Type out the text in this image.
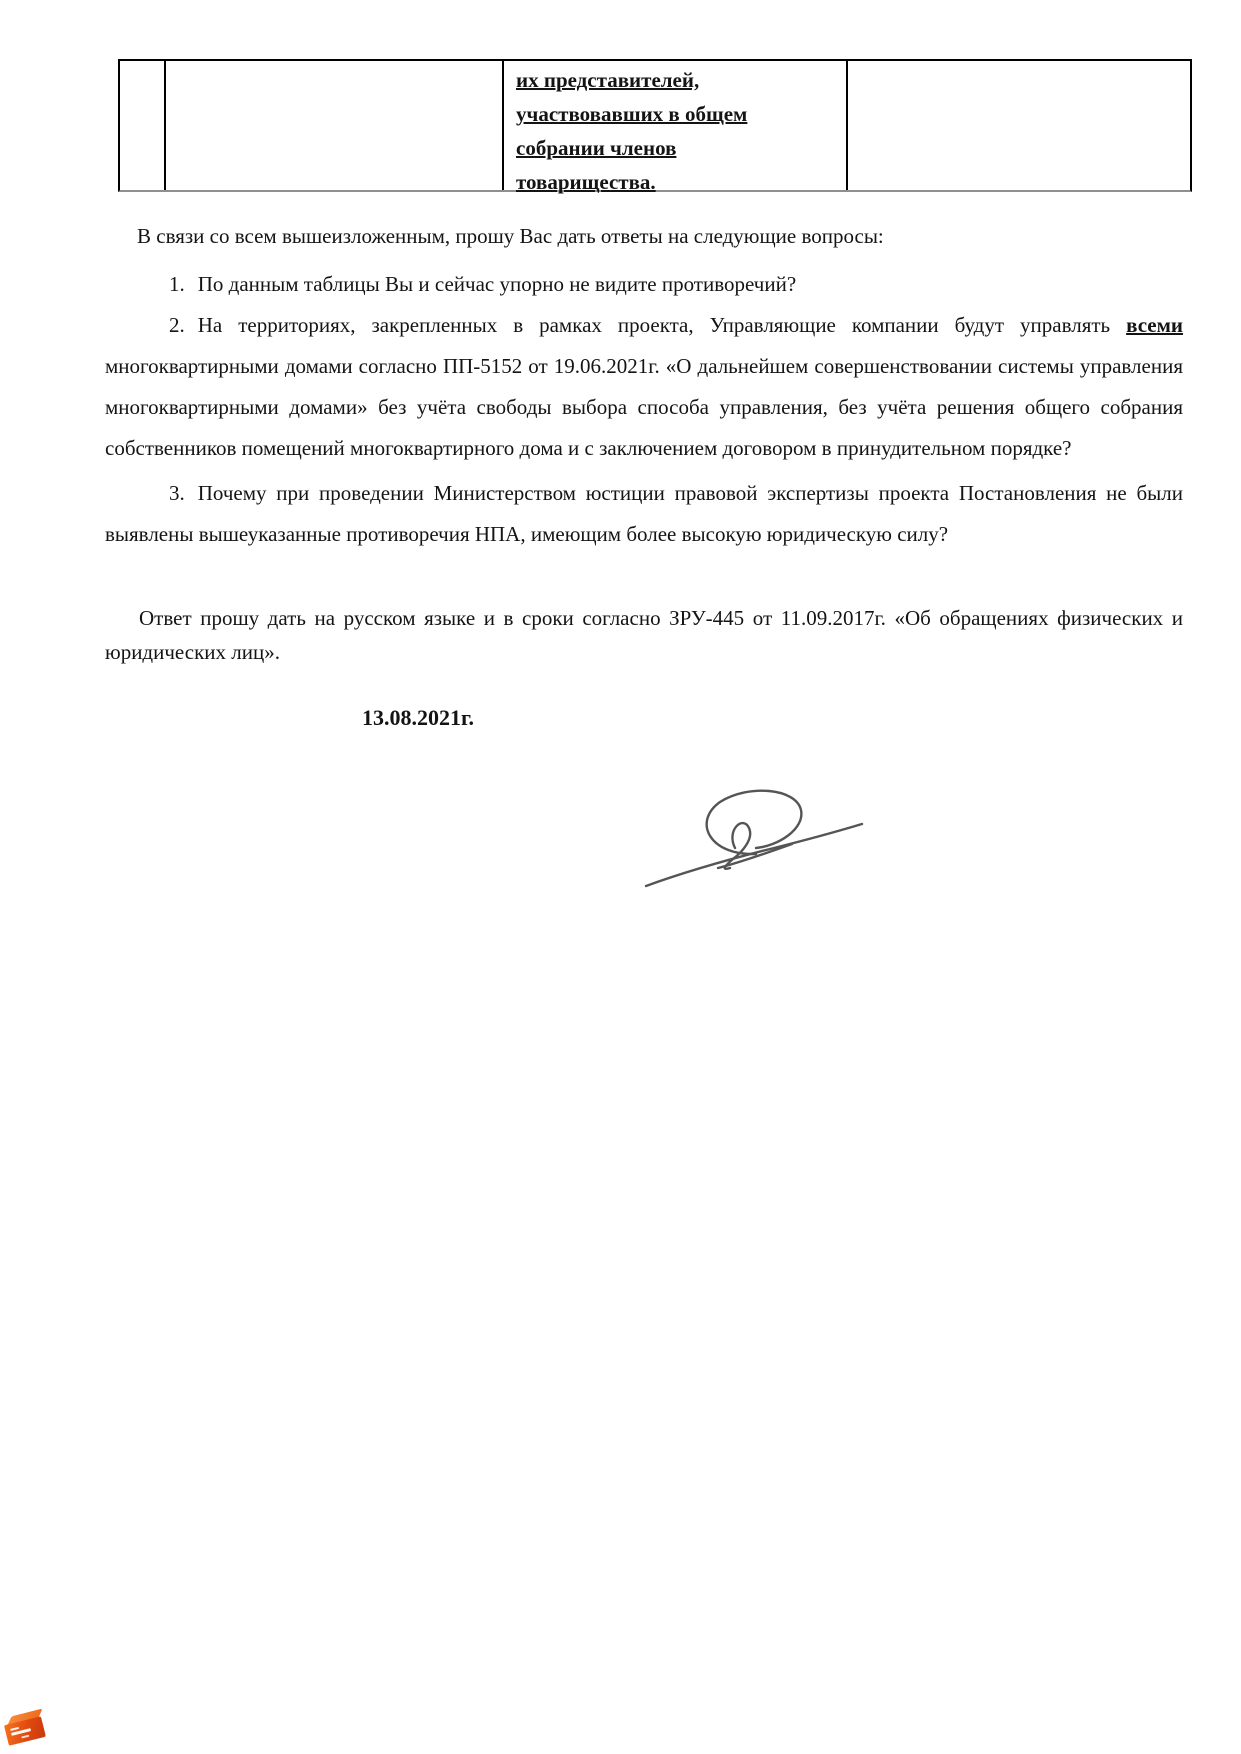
их представителей,
участвовавших в общем
собрании членов
товарищества.

В связи со всем вышеизложенным, прошу Вас дать ответы на следующие вопросы:

1. По данным таблицы Вы и сейчас упорно не видите противоречий?

2. На территориях, закрепленных в рамках проекта, Управляющие компании будут управлять всеми многоквартирными домами согласно ПП-5152 от 19.06.2021г. «О дальнейшем совершенствовании системы управления многоквартирными домами» без учёта свободы выбора способа управления, без учёта решения общего собрания собственников помещений многоквартирного дома и с заключением договором в принудительном порядке?

3. Почему при проведении Министерством юстиции правовой экспертизы проекта Постановления не были выявлены вышеуказанные противоречия НПА, имеющим более высокую юридическую силу?

Ответ прошу дать на русском языке и в сроки согласно ЗРУ-445 от 11.09.2017г. «Об обращениях физических и юридических лиц».

13.08.2021г.
